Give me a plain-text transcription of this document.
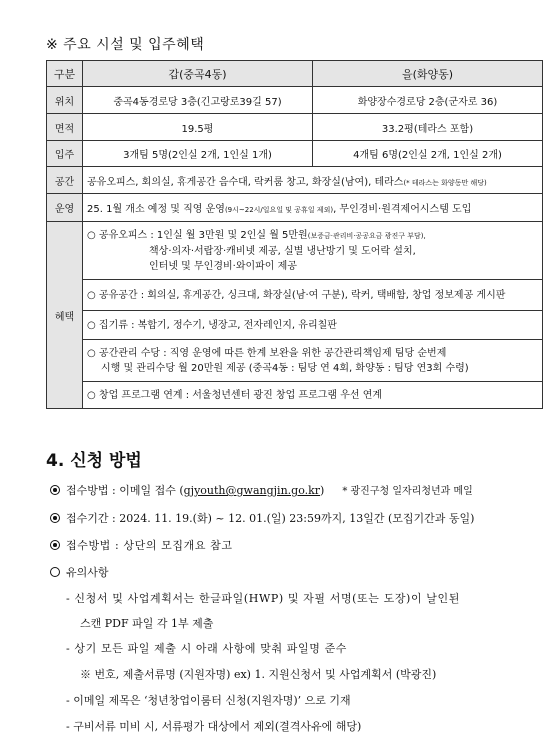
※ 주요 시설 및 입주혜택
구분	갑(중곡4동)	을(화양동)
위치	중곡4동경로당 3층(긴고랑로39길 57)	화양장수경로당 2층(군자로 36)
면적	19.5평	33.2평(테라스 포함)
입주	3개팀 5명(2인실 2개, 1인실 1개)	4개팀 6명(2인실 2개, 1인실 2개)
공간	공유오피스, 회의실, 휴게공간 음수대, 락커룸 창고, 화장실(남여), 테라스(* 테라스는 화양동만 해당)	
운영	25. 1월 개소 예정 및 직영 운영(9시~22시/일요일 및 공휴일 제외), 무인경비·원격제어시스템 도입	
혜택	○ 공유오피스 : 1인실 월 3만원 및 2인실 월 5만원(보증금·관리비·공공요금 광진구 부담),
책상·의자·서랍장·캐비넷 제공, 실별 냉난방기 및 도어락 설치,
인터넷 및 무인경비·와이파이 제공	

	○ 공유공간 : 회의실, 휴게공간, 싱크대, 화장실(남·여 구분), 락커, 택배함, 창업 정보제공 게시판	

	○ 집기류 : 복합기, 정수기, 냉장고, 전자레인지, 유리칠판	

	○ 공간관리 수당 : 직영 운영에 따른 한계 보완을 위한 공간관리책임제 팀당 순번제
시행 및 관리수당 월 20만원 제공 (중곡4동 : 팀당 연 4회, 화양동 : 팀당 연3회 수령)	

	○ 창업 프로그램 연계 : 서울청년센터 광진 창업 프로그램 우선 연계	
4. 신청 방법
접수방법 : 이메일 접수 (gjyouth@gwangjin.go.kr) * 광진구청 일자리청년과 메일
접수기간 : 2024. 11. 19.(화) ~ 12. 01.(일) 23:59까지, 13일간 (모집기간과 동일)
접수방법 : 상단의 모집개요 참고
유의사항
- 신청서 및 사업계획서는 한글파일(HWP) 및 자필 서명(또는 도장)이 날인된
스캔 PDF 파일 각 1부 제출
- 상기 모든 파일 제출 시 아래 사항에 맞춰 파일명 준수
※ 번호, 제출서류명 (지원자명) ex) 1. 지원신청서 및 사업계획서 (박광진)
- 이메일 제목은 ‘청년창업이룸터 신청(지원자명)’ 으로 기재
- 구비서류 미비 시, 서류평가 대상에서 제외(결격사유에 해당)
